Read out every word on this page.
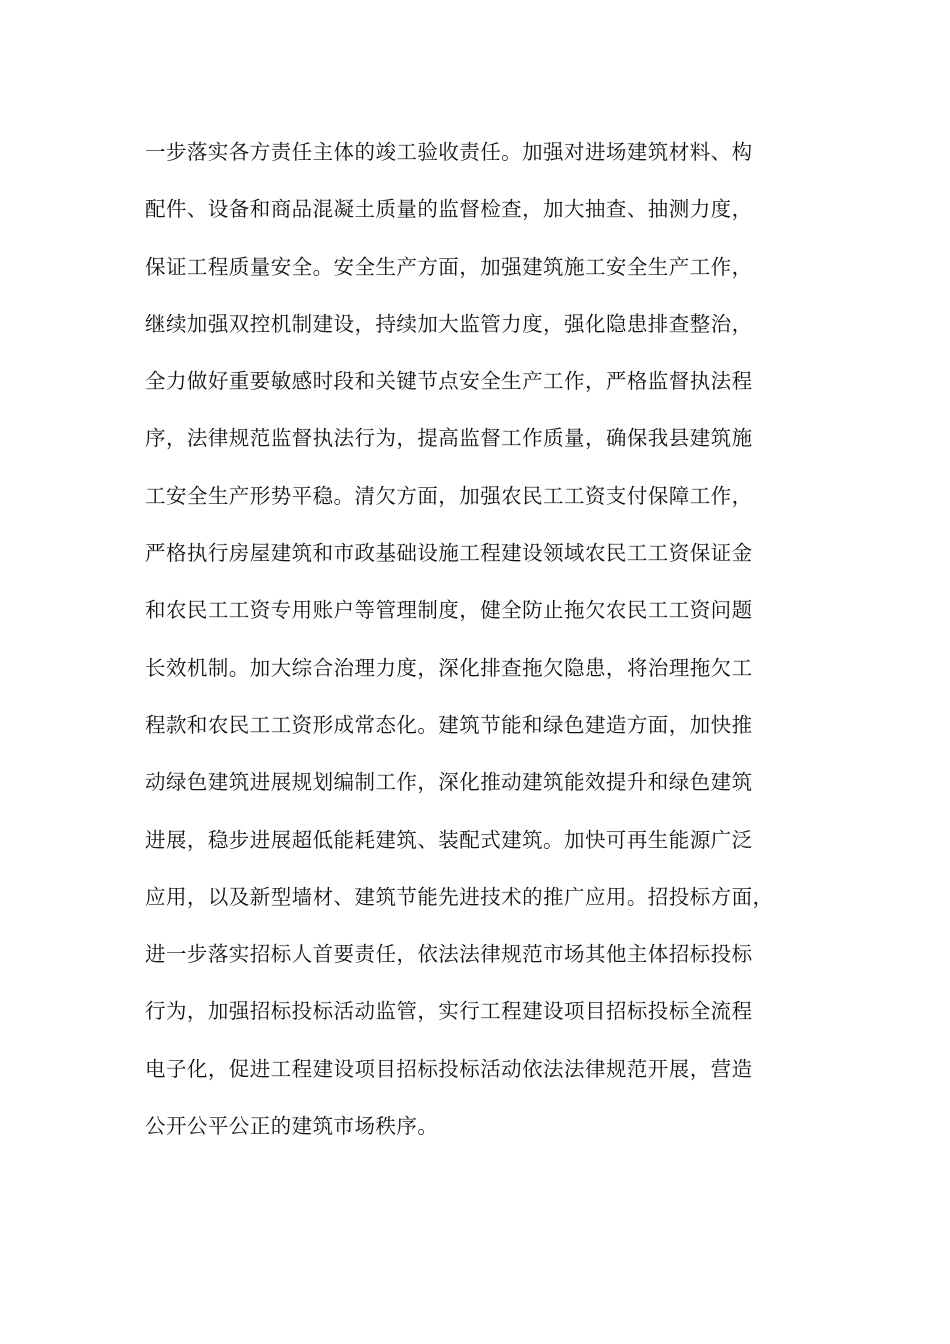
一步落实各方责任主体的竣工验收责任。加强对进场建筑材料、构
配件、设备和商品混凝土质量的监督检查，加大抽查、抽测力度，
保证工程质量安全。安全生产方面，加强建筑施工安全生产工作，
继续加强双控机制建设，持续加大监管力度，强化隐患排查整治，
全力做好重要敏感时段和关键节点安全生产工作，严格监督执法程
序，法律规范监督执法行为，提高监督工作质量，确保我县建筑施
工安全生产形势平稳。清欠方面，加强农民工工资支付保障工作，
严格执行房屋建筑和市政基础设施工程建设领域农民工工资保证金
和农民工工资专用账户等管理制度，健全防止拖欠农民工工资问题
长效机制。加大综合治理力度，深化排查拖欠隐患，将治理拖欠工
程款和农民工工资形成常态化。建筑节能和绿色建造方面，加快推
动绿色建筑进展规划编制工作，深化推动建筑能效提升和绿色建筑
进展，稳步进展超低能耗建筑、装配式建筑。加快可再生能源广泛
应用，以及新型墙材、建筑节能先进技术的推广应用。招投标方面，
进一步落实招标人首要责任，依法法律规范市场其他主体招标投标
行为，加强招标投标活动监管，实行工程建设项目招标投标全流程
电子化，促进工程建设项目招标投标活动依法法律规范开展，营造
公开公平公正的建筑市场秩序。
